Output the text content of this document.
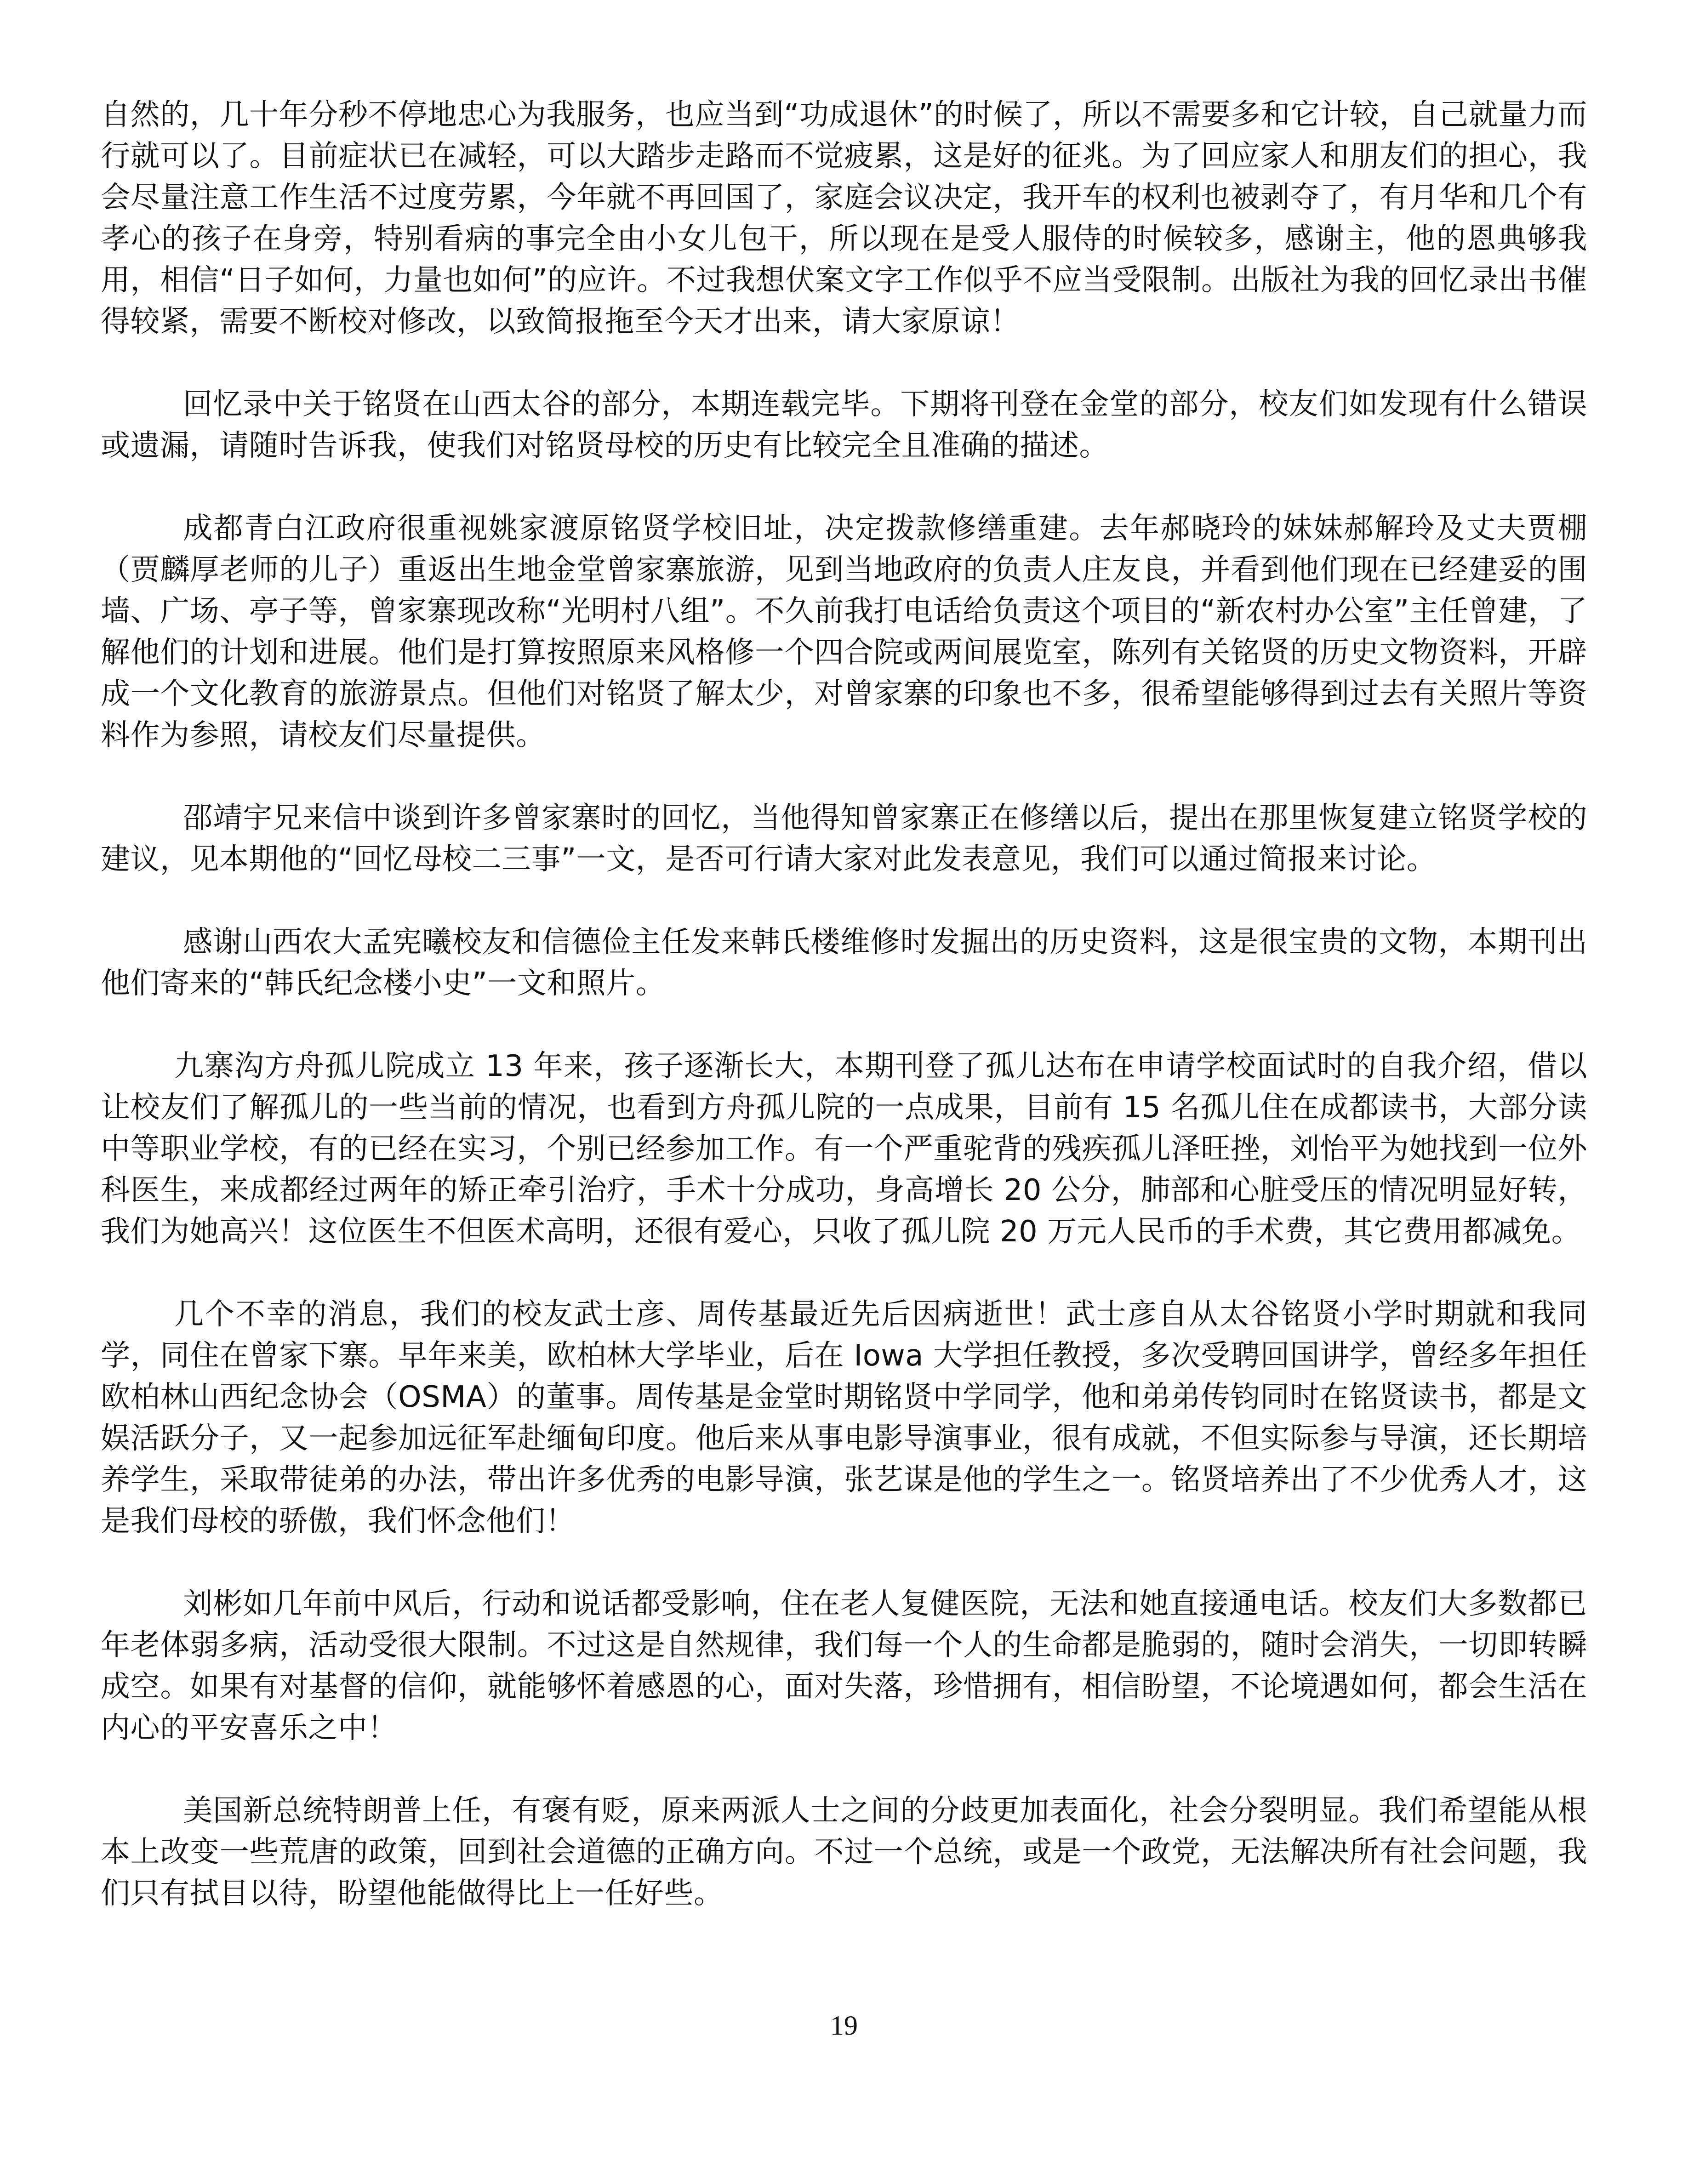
自然的，几十年分秒不停地忠心为我服务，也应当到“功成退休”的时候了，所以不需要多和它计较，自己就量力而行就可以了。目前症状已在减轻，可以大踏步走路而不觉疲累，这是好的征兆。为了回应家人和朋友们的担心，我会尽量注意工作生活不过度劳累，今年就不再回国了，家庭会议决定，我开车的权利也被剥夺了，有月华和几个有孝心的孩子在身旁，特别看病的事完全由小女儿包干，所以现在是受人服侍的时候较多，感谢主，他的恩典够我用，相信“日子如何，力量也如何”的应许。不过我想伏案文字工作似乎不应当受限制。出版社为我的回忆录出书催得较紧，需要不断校对修改，以致简报拖至今天才出来，请大家原谅！

回忆录中关于铭贤在山西太谷的部分，本期连载完毕。下期将刊登在金堂的部分，校友们如发现有什么错误或遗漏，请随时告诉我，使我们对铭贤母校的历史有比较完全且准确的描述。

成都青白江政府很重视姚家渡原铭贤学校旧址，决定拨款修缮重建。去年郝晓玲的妹妹郝解玲及丈夫贾棚（贾麟厚老师的儿子）重返出生地金堂曾家寨旅游，见到当地政府的负责人庄友良，并看到他们现在已经建妥的围墙、广场、亭子等，曾家寨现改称“光明村八组”。不久前我打电话给负责这个项目的“新农村办公室”主任曾建，了解他们的计划和进展。他们是打算按照原来风格修一个四合院或两间展览室，陈列有关铭贤的历史文物资料，开辟成一个文化教育的旅游景点。但他们对铭贤了解太少，对曾家寨的印象也不多，很希望能够得到过去有关照片等资料作为参照，请校友们尽量提供。

邵靖宇兄来信中谈到许多曾家寨时的回忆，当他得知曾家寨正在修缮以后，提出在那里恢复建立铭贤学校的建议，见本期他的“回忆母校二三事”一文，是否可行请大家对此发表意见，我们可以通过简报来讨论。

感谢山西农大孟宪曦校友和信德俭主任发来韩氏楼维修时发掘出的历史资料，这是很宝贵的文物，本期刊出他们寄来的“韩氏纪念楼小史”一文和照片。

九寨沟方舟孤儿院成立 13 年来，孩子逐渐长大，本期刊登了孤儿达布在申请学校面试时的自我介绍，借以让校友们了解孤儿的一些当前的情况，也看到方舟孤儿院的一点成果，目前有 15 名孤儿住在成都读书，大部分读中等职业学校，有的已经在实习，个别已经参加工作。有一个严重驼背的残疾孤儿泽旺挫，刘怡平为她找到一位外科医生，来成都经过两年的矫正牵引治疗，手术十分成功，身高增长 20 公分，肺部和心脏受压的情况明显好转，我们为她高兴！这位医生不但医术高明，还很有爱心，只收了孤儿院 20 万元人民币的手术费，其它费用都减免。

几个不幸的消息，我们的校友武士彦、周传基最近先后因病逝世！武士彦自从太谷铭贤小学时期就和我同学，同住在曾家下寨。早年来美，欧柏林大学毕业，后在 Iowa 大学担任教授，多次受聘回国讲学，曾经多年担任欧柏林山西纪念协会（OSMA）的董事。周传基是金堂时期铭贤中学同学，他和弟弟传钧同时在铭贤读书，都是文娱活跃分子，又一起参加远征军赴缅甸印度。他后来从事电影导演事业，很有成就，不但实际参与导演，还长期培养学生，采取带徒弟的办法，带出许多优秀的电影导演，张艺谋是他的学生之一。铭贤培养出了不少优秀人才，这是我们母校的骄傲，我们怀念他们！

刘彬如几年前中风后，行动和说话都受影响，住在老人复健医院，无法和她直接通电话。校友们大多数都已年老体弱多病，活动受很大限制。不过这是自然规律，我们每一个人的生命都是脆弱的，随时会消失，一切即转瞬成空。如果有对基督的信仰，就能够怀着感恩的心，面对失落，珍惜拥有，相信盼望，不论境遇如何，都会生活在内心的平安喜乐之中！

美国新总统特朗普上任，有褒有贬，原来两派人士之间的分歧更加表面化，社会分裂明显。我们希望能从根本上改变一些荒唐的政策，回到社会道德的正确方向。不过一个总统，或是一个政党，无法解决所有社会问题，我们只有拭目以待，盼望他能做得比上一任好些。

19
